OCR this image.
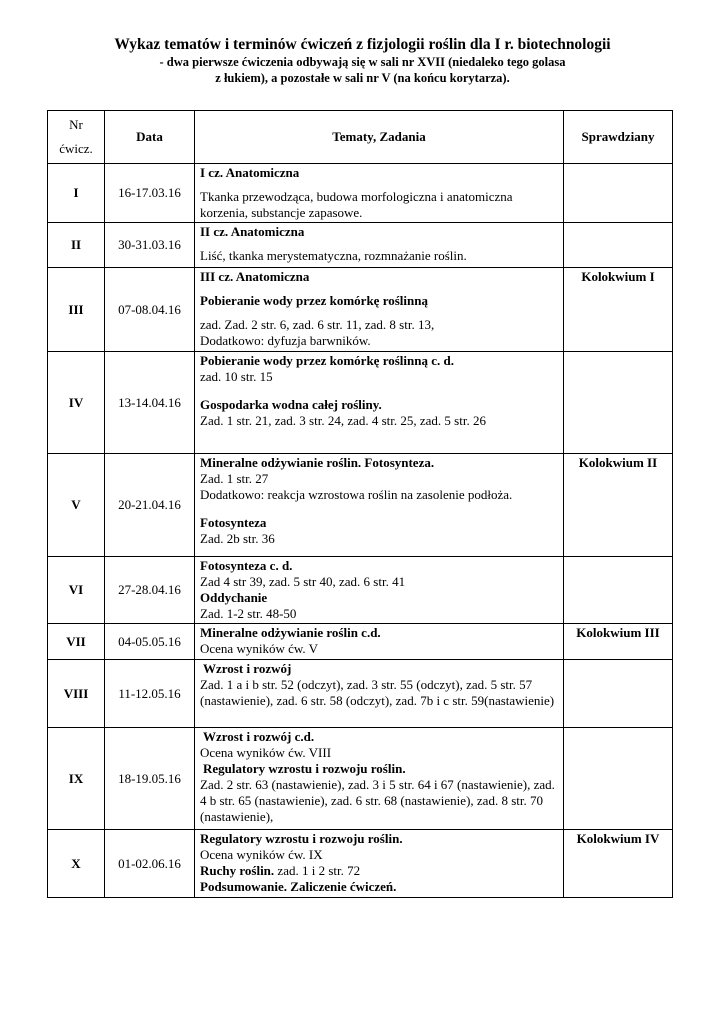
Wykaz tematów i terminów ćwiczeń z fizjologii roślin dla I r. biotechnologii

- dwa pierwsze ćwiczenia odbywają się w sali nr XVII (niedaleko tego golasa

z łukiem), a pozostałe w sali nr V (na końcu korytarza).

Nr
ćwicz.	Data	Tematy, Zadania	Sprawdziany
I	16-17.03.16	I cz. Anatomiczna
Tkanka przewodząca, budowa morfologiczna i anatomiczna korzenia, substancje zapasowe.	

II	30-31.03.16	II cz. Anatomiczna
Liść, tkanka merystematyczna, rozmnażanie roślin.	

III	07-08.04.16	III cz. Anatomiczna
Pobieranie wody przez komórkę roślinną
zad. Zad. 2 str. 6, zad. 6 str. 11, zad. 8 str. 13,
Dodatkowo: dyfuzja barwników.	Kolokwium I
IV	13-14.04.16	Pobieranie wody przez komórkę roślinną c. d.
zad. 10 str. 15
Gospodarka wodna całej rośliny.
Zad. 1 str. 21, zad. 3 str. 24, zad. 4 str. 25, zad. 5 str. 26	

V	20-21.04.16	Mineralne odżywianie roślin. Fotosynteza.
Zad. 1 str. 27
Dodatkowo: reakcja wzrostowa roślin na zasolenie podłoża.
Fotosynteza
Zad. 2b str. 36	Kolokwium II
VI	27-28.04.16	Fotosynteza c. d.
Zad 4 str 39, zad. 5 str 40, zad. 6 str. 41
Oddychanie
Zad. 1-2 str. 48-50	

VII	04-05.05.16	Mineralne odżywianie roślin c.d.
Ocena wyników ćw. V	Kolokwium III
VIII	11-12.05.16	Wzrost i rozwój
Zad. 1 a i b str. 52 (odczyt), zad. 3 str. 55 (odczyt), zad. 5 str. 57 (nastawienie), zad. 6 str. 58 (odczyt), zad. 7b i c str. 59(nastawienie)	

IX	18-19.05.16	Wzrost i rozwój c.d.
Ocena wyników ćw. VIII
Regulatory wzrostu i rozwoju roślin.
Zad. 2 str. 63 (nastawienie), zad. 3 i 5 str. 64 i 67 (nastawienie), zad. 4 b str. 65 (nastawienie), zad. 6 str. 68 (nastawienie), zad. 8 str. 70 (nastawienie),	

X	01-02.06.16	Regulatory wzrostu i rozwoju roślin.
Ocena wyników ćw. IX
Ruchy roślin. zad. 1 i 2 str. 72
Podsumowanie. Zaliczenie ćwiczeń.	Kolokwium IV
